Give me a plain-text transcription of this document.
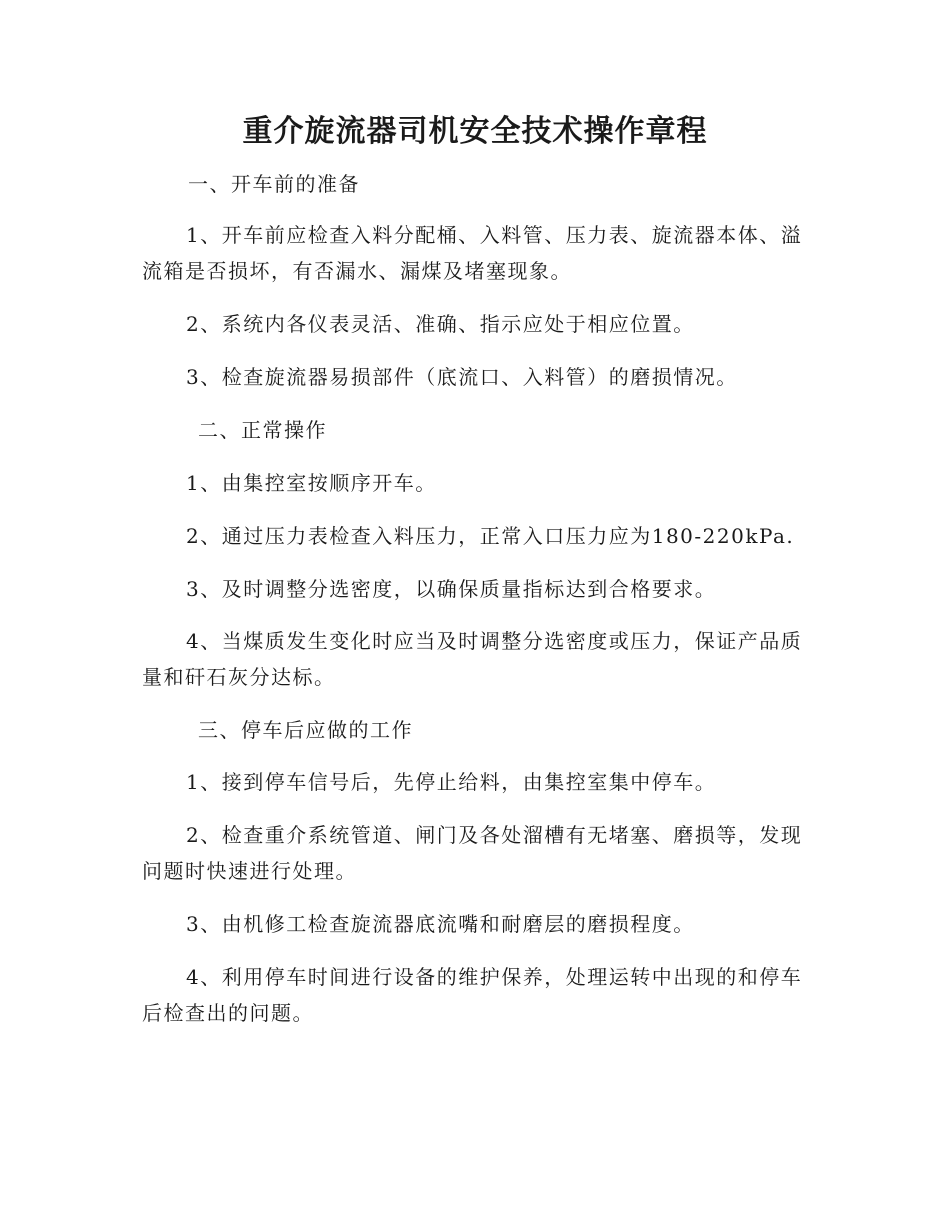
重介旋流器司机安全技术操作章程

一、开车前的准备

1、开车前应检查入料分配桶、入料管、压力表、旋流器本体、溢流箱是否损坏，有否漏水、漏煤及堵塞现象。

2、系统内各仪表灵活、准确、指示应处于相应位置。

3、检查旋流器易损部件（底流口、入料管）的磨损情况。

二、正常操作

1、由集控室按顺序开车。

2、通过压力表检查入料压力，正常入口压力应为180-220kPa.

3、及时调整分选密度，以确保质量指标达到合格要求。

4、当煤质发生变化时应当及时调整分选密度或压力，保证产品质量和矸石灰分达标。

三、停车后应做的工作

1、接到停车信号后，先停止给料，由集控室集中停车。

2、检查重介系统管道、闸门及各处溜槽有无堵塞、磨损等，发现问题时快速进行处理。

3、由机修工检查旋流器底流嘴和耐磨层的磨损程度。

4、利用停车时间进行设备的维护保养，处理运转中出现的和停车后检查出的问题。
